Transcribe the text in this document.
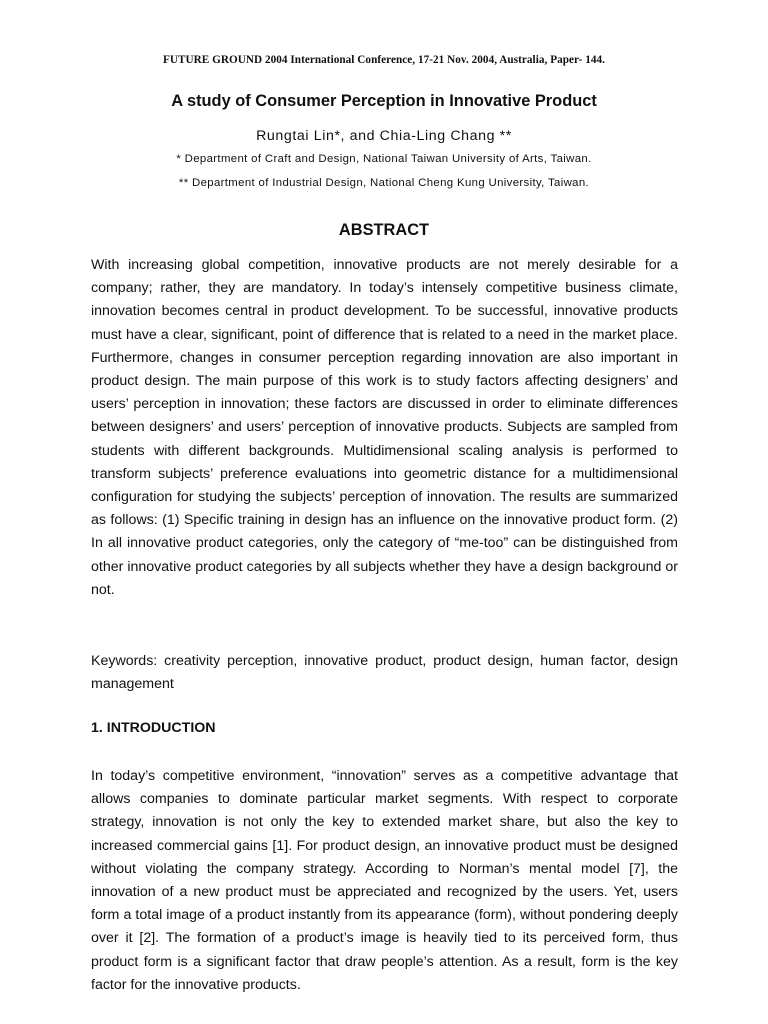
FUTURE GROUND 2004 International Conference, 17-21 Nov. 2004, Australia, Paper- 144.
A study of Consumer Perception in Innovative Product
Rungtai Lin*, and Chia-Ling Chang **
* Department of Craft and Design, National Taiwan University of Arts, Taiwan.
** Department of Industrial Design, National Cheng Kung University, Taiwan.
ABSTRACT

With increasing global competition, innovative products are not merely desirable for a company; rather, they are mandatory. In today’s intensely competitive business climate, innovation becomes central in product development. To be successful, innovative products must have a clear, significant, point of difference that is related to a need in the market place. Furthermore, changes in consumer perception regarding innovation are also important in product design. The main purpose of this work is to study factors affecting designers’ and users’ perception in innovation; these factors are discussed in order to eliminate differences between designers’ and users’ perception of innovative products. Subjects are sampled from students with different backgrounds. Multidimensional scaling analysis is performed to transform subjects’ preference evaluations into geometric distance for a multidimensional configuration for studying the subjects’ perception of innovation. The results are summarized as follows: (1) Specific training in design has an influence on the innovative product form. (2) In all innovative product categories, only the category of “me-too” can be distinguished from other innovative product categories by all subjects whether they have a design background or not.

Keywords: creativity perception, innovative product, product design, human factor, design management

1. INTRODUCTION

In today’s competitive environment, “innovation” serves as a competitive advantage that allows companies to dominate particular market segments. With respect to corporate strategy, innovation is not only the key to extended market share, but also the key to increased commercial gains [1]. For product design, an innovative product must be designed without violating the company strategy. According to Norman’s mental model [7], the innovation of a new product must be appreciated and recognized by the users. Yet, users form a total image of a product instantly from its appearance (form), without pondering deeply over it [2]. The formation of a product’s image is heavily tied to its perceived form, thus product form is a significant factor that draw people’s attention. As a result, form is the key factor for the innovative products.
